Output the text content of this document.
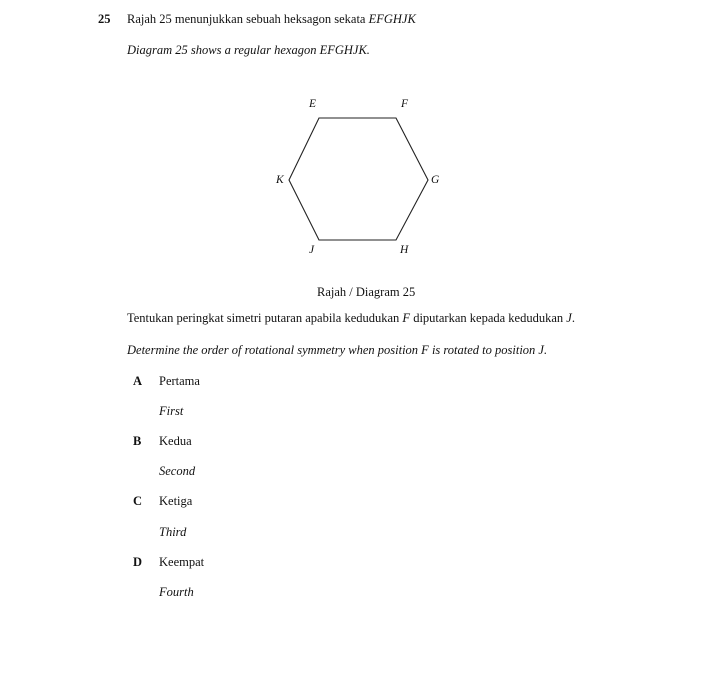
25 Rajah 25 menunjukkan sebuah heksagon sekata EFGHJK
Diagram 25 shows a regular hexagon EFGHJK.
E	F
G
H
J
K
Rajah / Diagram 25
Tentukan peringkat simetri putaran apabila kedudukan F diputarkan kepada kedudukan J.
Determine the order of rotational symmetry when position F is rotated to position J.
A Pertama
First
B Kedua
Second
C Ketiga
Third
D Keempat
Fourth
